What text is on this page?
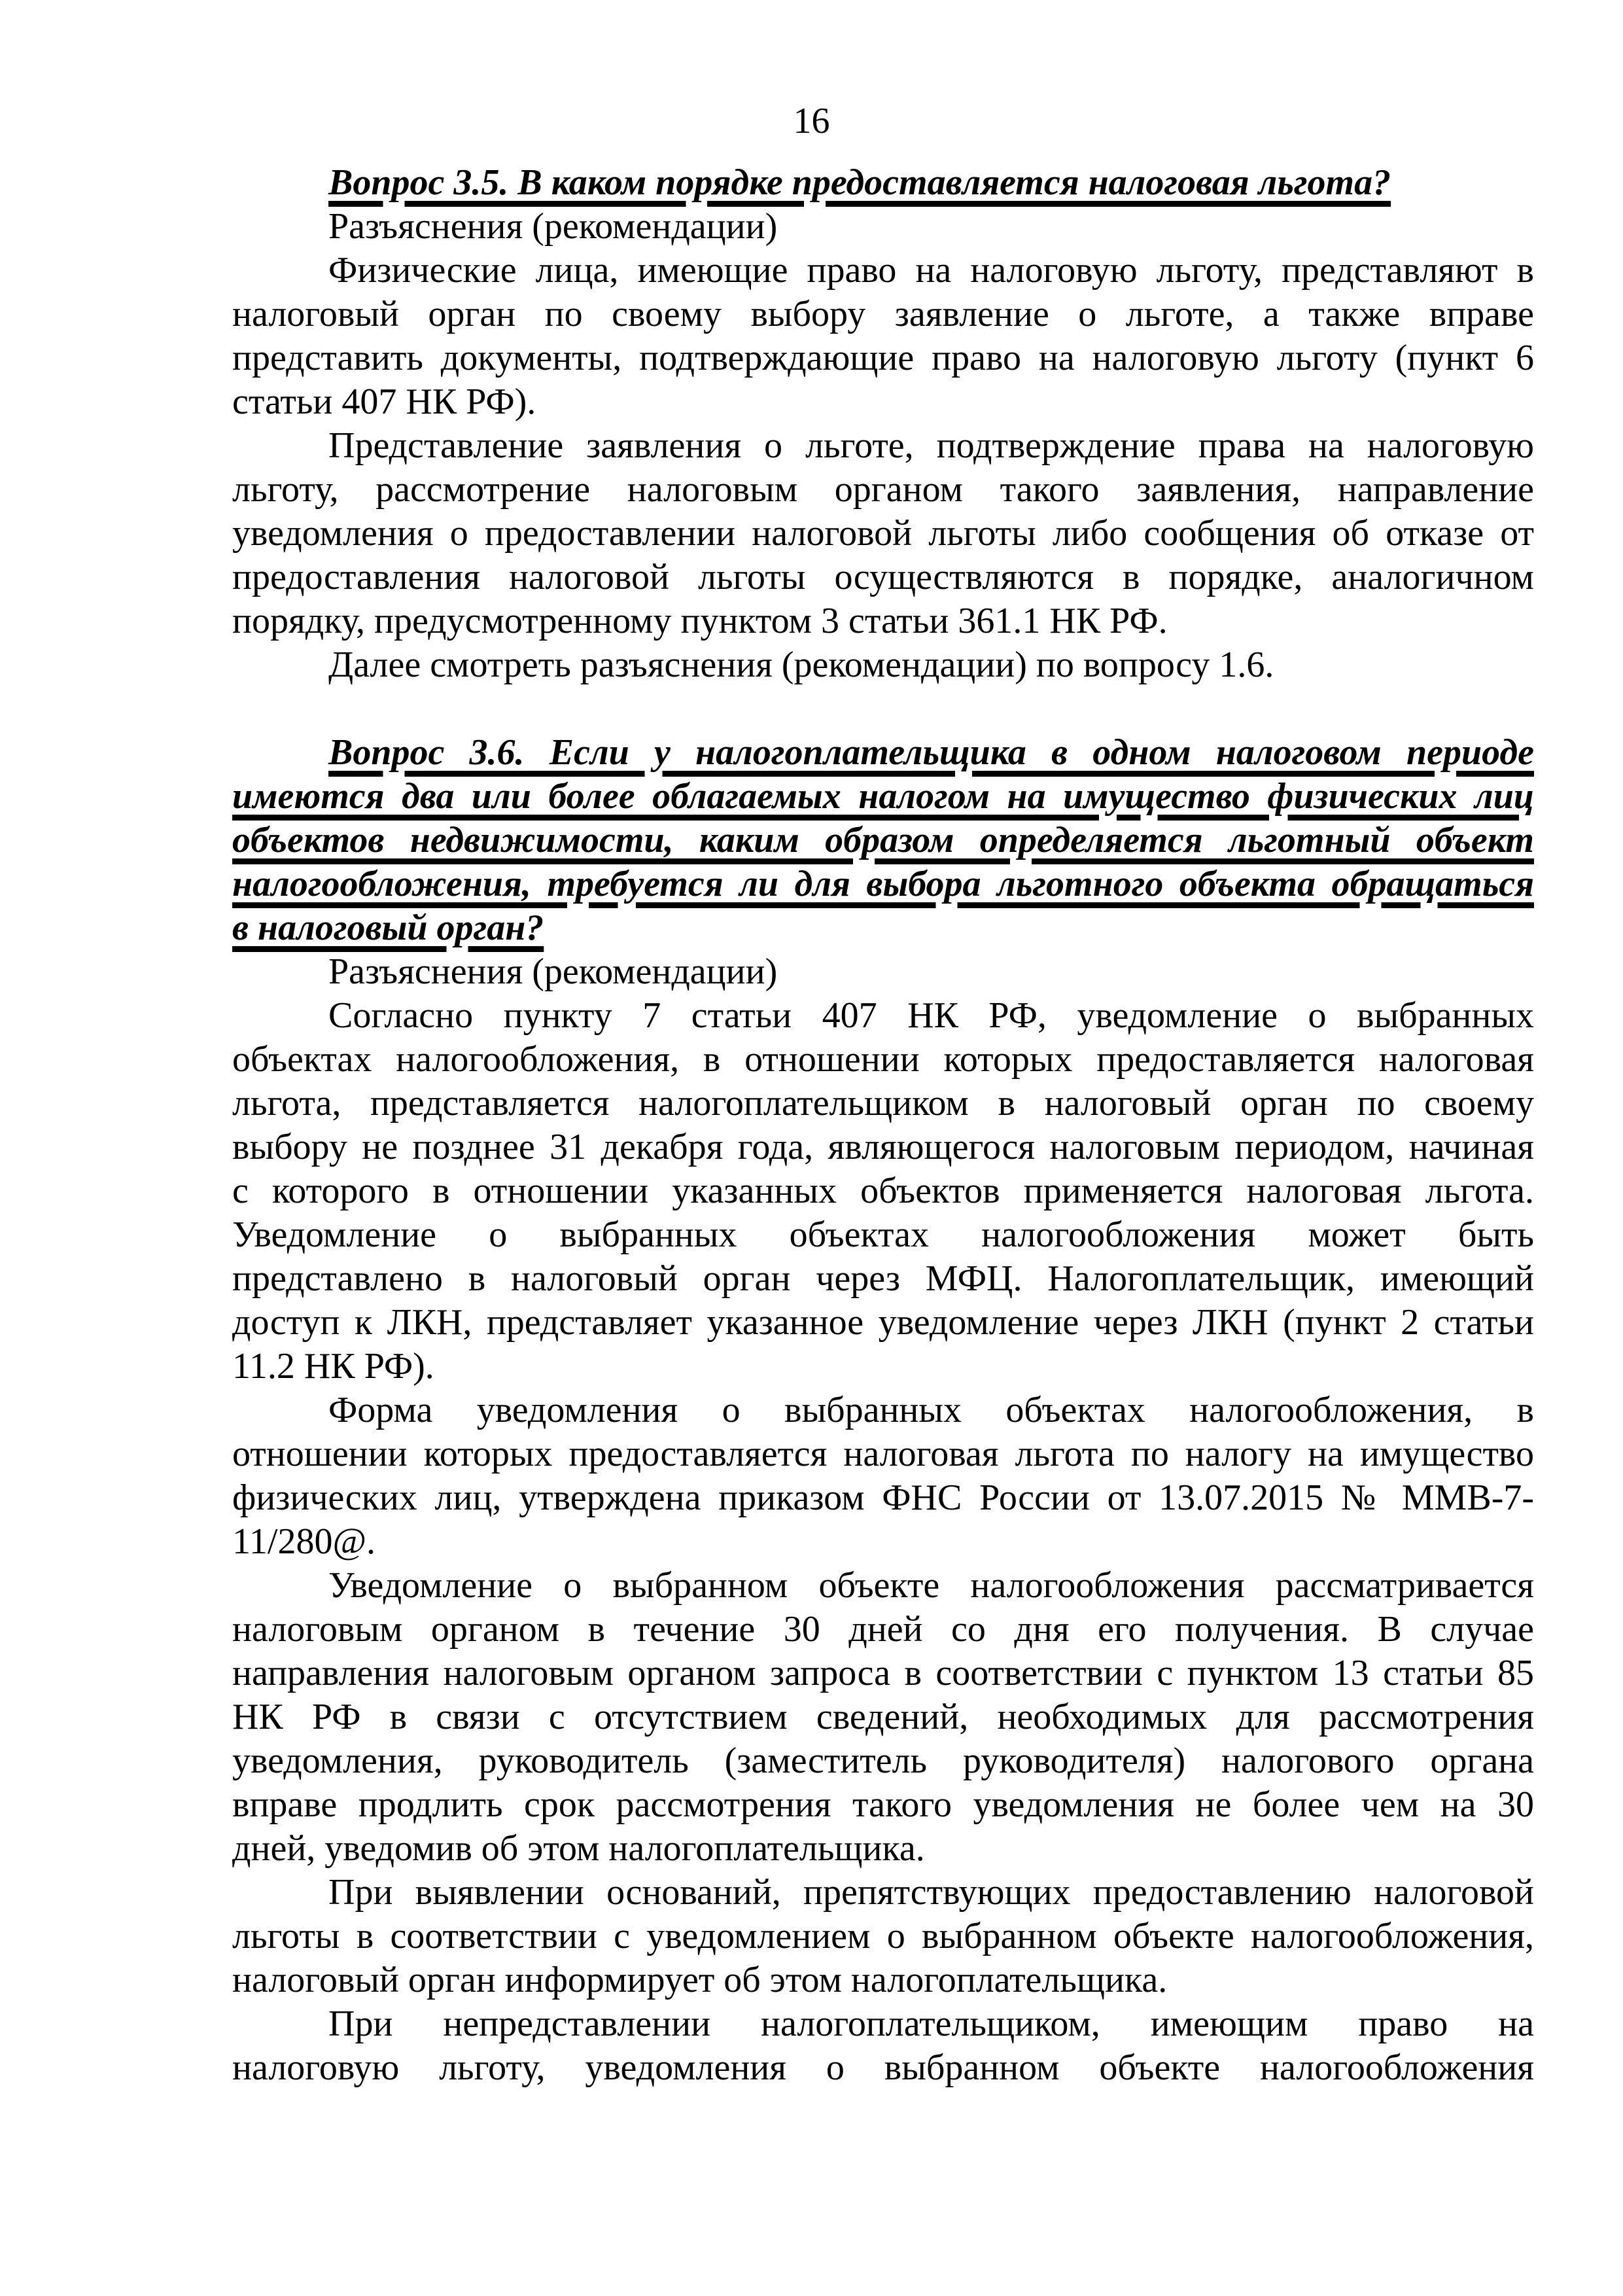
16
Вопрос 3.5. В каком порядке предоставляется налоговая льгота?
Разъяснения (рекомендации)
Физические лица, имеющие право на налоговую льготу, представляют в
налоговый орган по своему выбору заявление о льготе, а также вправе
представить документы, подтверждающие право на налоговую льготу (пункт 6
статьи 407 НК РФ).
Представление заявления о льготе, подтверждение права на налоговую
льготу, рассмотрение налоговым органом такого заявления, направление
уведомления о предоставлении налоговой льготы либо сообщения об отказе от
предоставления налоговой льготы осуществляются в порядке, аналогичном
порядку, предусмотренному пунктом 3 статьи 361.1 НК РФ.
Далее смотреть разъяснения (рекомендации) по вопросу 1.6.
Вопрос 3.6. Если у налогоплательщика в одном налоговом периоде
имеются два или более облагаемых налогом на имущество физических лиц
объектов недвижимости, каким образом определяется льготный объект
налогообложения, требуется ли для выбора льготного объекта обращаться
в налоговый орган?
Разъяснения (рекомендации)
Согласно пункту 7 статьи 407 НК РФ, уведомление о выбранных
объектах налогообложения, в отношении которых предоставляется налоговая
льгота, представляется налогоплательщиком в налоговый орган по своему
выбору не позднее 31 декабря года, являющегося налоговым периодом, начиная
с которого в отношении указанных объектов применяется налоговая льгота.
Уведомление о выбранных объектах налогообложения может быть
представлено в налоговый орган через МФЦ. Налогоплательщик, имеющий
доступ к ЛКН, представляет указанное уведомление через ЛКН (пункт 2 статьи
11.2 НК РФ).
Форма уведомления о выбранных объектах налогообложения, в
отношении которых предоставляется налоговая льгота по налогу на имущество
физических лиц, утверждена приказом ФНС России от 13.07.2015 № ММВ-7-
11/280@.
Уведомление о выбранном объекте налогообложения рассматривается
налоговым органом в течение 30 дней со дня его получения. В случае
направления налоговым органом запроса в соответствии с пунктом 13 статьи 85
НК РФ в связи с отсутствием сведений, необходимых для рассмотрения
уведомления, руководитель (заместитель руководителя) налогового органа
вправе продлить срок рассмотрения такого уведомления не более чем на 30
дней, уведомив об этом налогоплательщика.
При выявлении оснований, препятствующих предоставлению налоговой
льготы в соответствии с уведомлением о выбранном объекте налогообложения,
налоговый орган информирует об этом налогоплательщика.
При непредставлении налогоплательщиком, имеющим право на
налоговую льготу, уведомления о выбранном объекте налогообложения
